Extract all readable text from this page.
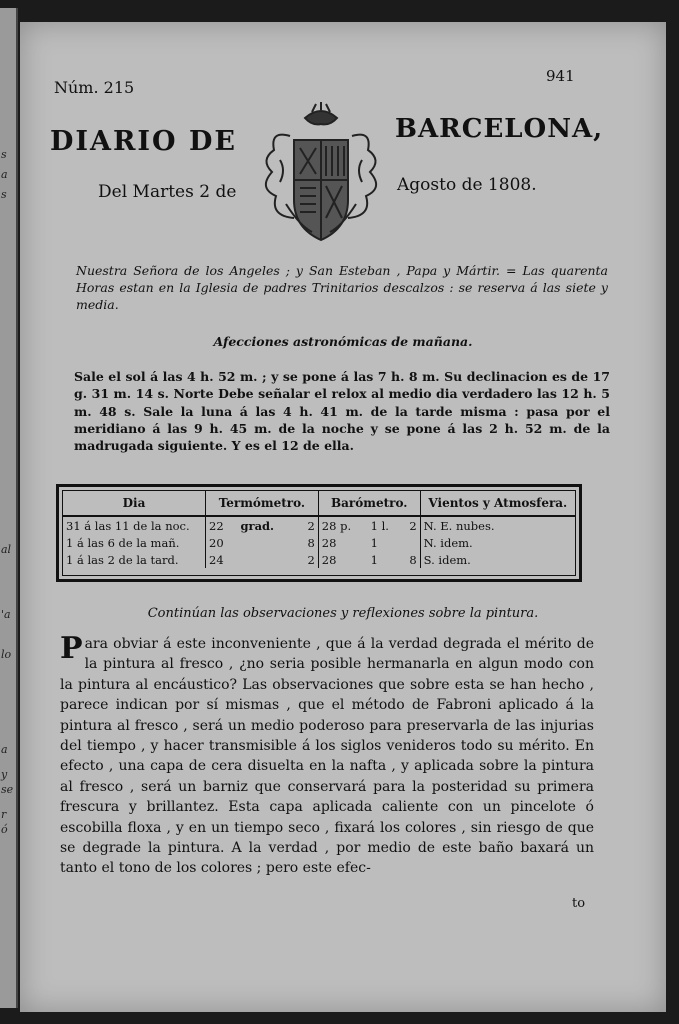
s
a
s
al
'a
lo
a
y
se
r
ó
Núm. 215
941
DIARIO DE	BARCELONA,
Del Martes 2 de	Agosto de 1808.
Nuestra Señora de los Angeles ; y San Esteban , Papa y Mártir. = Las quarenta Horas estan en la Iglesia de padres Trinitarios descalzos : se reserva á las siete y media.
Afecciones astronómicas de mañana.
Sale el sol á las 4 h. 52 m. ; y se pone á las 7 h. 8 m. Su declinacion es de 17 g. 31 m. 14 s. Norte Debe señalar el relox al medio dia verdadero las 12 h. 5 m. 48 s. Sale la luna á las 4 h. 41 m. de la tarde misma : pasa por el meridiano á las 9 h. 45 m. de la noche y se pone á las 2 h. 52 m. de la madrugada siguiente. Y es el 12 de ella.
Dia	Termómetro.			Barómetro.			Vientos y Atmosfera.
31 á las 11 de la noc.	22	grad.	2	28 p.	1 l.	2	N. E. nubes.
1 á las 6 de la mañ.	20		8	28	1		N. idem.
1 á las 2 de la tard.	24		2	28	1	8	S. idem.
Continúan las observaciones y reflexiones sobre la pintura.
Para obviar á este inconveniente , que á la verdad degrada el mérito de la pintura al fresco , ¿no seria posible hermanarla en algun modo con la pintura al encáustico? Las observaciones que sobre esta se han hecho , parece indican por sí mismas , que el método de Fabroni aplicado á la pintura al fresco , será un medio poderoso para preservarla de las injurias del tiempo , y hacer transmisible á los siglos venideros todo su mérito. En efecto , una capa de cera disuelta en la nafta , y aplicada sobre la pintura al fresco , será un barniz que conservará para la posteridad su primera frescura y brillantez. Esta capa aplicada caliente con un pincelote ó escobilla floxa , y en un tiempo seco , fixará los colores , sin riesgo de que se degrade la pintura. A la verdad , por medio de este baño baxará un tanto el tono de los colores ; pero este efec-
to
